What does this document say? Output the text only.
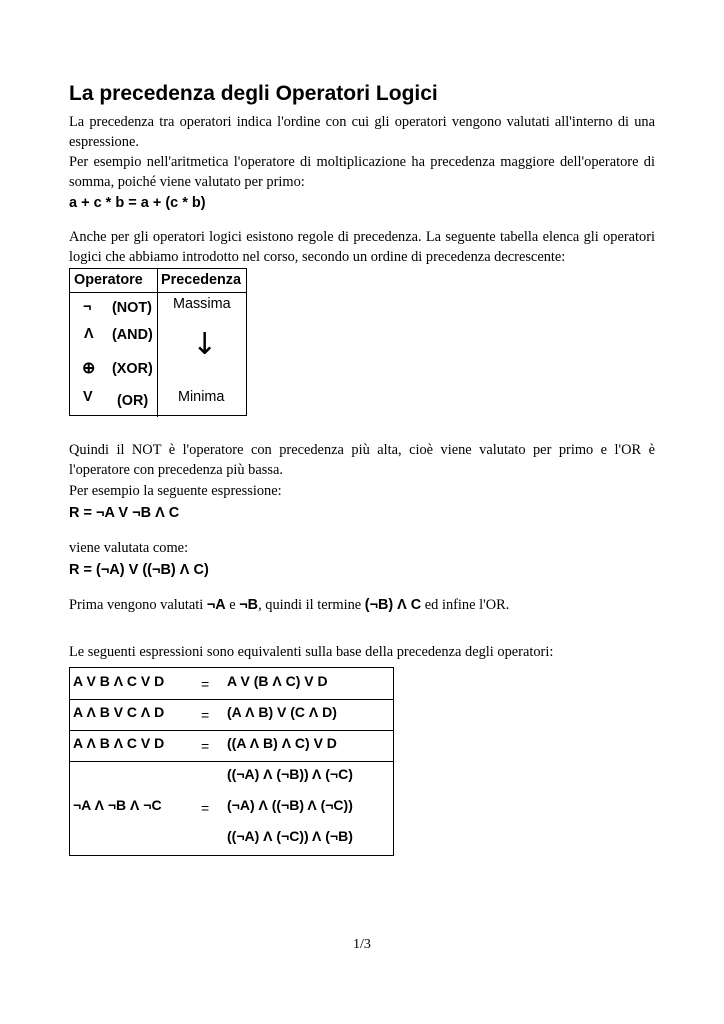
La precedenza degli Operatori Logici

La precedenza tra operatori indica l'ordine con cui gli operatori vengono valutati all'interno di una espressione.

Per esempio nell'aritmetica l'operatore di moltiplicazione ha precedenza maggiore dell'operatore di somma, poiché viene valutato per primo:

a + c * b = a + (c * b)

Anche per gli operatori logici esistono regole di precedenza. La seguente tabella elenca gli operatori logici che abbiamo introdotto nel corso, secondo un ordine di precedenza decrescente:

Operatore Precedenza
¬ (NOT)
Λ (AND)
⊕ (XOR)
V (OR)
Massima
↓
Minima

Quindi il NOT è l'operatore con precedenza più alta, cioè viene valutato per primo e l'OR è l'operatore con precedenza più bassa.

Per esempio la seguente espressione:

R = ¬A V ¬B Λ C

viene valutata come:

R = (¬A) V ((¬B) Λ C)

Prima vengono valutati ¬A e ¬B, quindi il termine (¬B) Λ C ed infine l'OR.

Le seguenti espressioni sono equivalenti sulla base della precedenza degli operatori:

A V B Λ C V D	= A V (B Λ C) V D
A Λ B V C Λ D	= (A Λ B) V (C Λ D)
A Λ B Λ C V D	= ((A Λ B) Λ C) V D
¬A Λ ¬B Λ ¬C	=
((¬A) Λ (¬B)) Λ (¬C)
(¬A) Λ ((¬B) Λ (¬C))
((¬A) Λ (¬C)) Λ (¬B)
1/3
